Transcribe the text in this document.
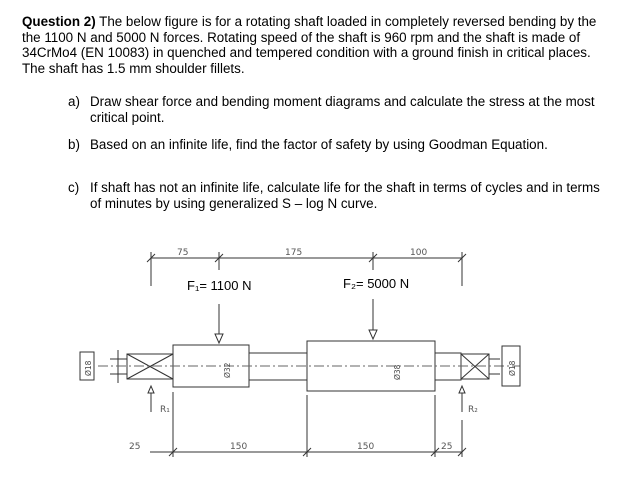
Question 2) The below figure is for a rotating shaft loaded in completely reversed bending by the the 1100 N and 5000 N forces. Rotating speed of the shaft is 960 rpm and the shaft is made of 34CrMo4 (EN 10083) in quenched and tempered condition with a ground finish in critical places. The shaft has 1.5 mm shoulder fillets.
a) Draw shear force and bending moment diagrams and calculate the stress at the most critical point.
b) Based on an infinite life, find the factor of safety by using Goodman Equation.
c) If shaft has not an infinite life, calculate life for the shaft in terms of cycles and in terms of minutes by using generalized S – log N curve.
75	175	100
F₁= 1100 N	F₂= 5000 N
25	150	150	25
R₁	R₂
Ø18	Ø32	Ø38	Ø18
